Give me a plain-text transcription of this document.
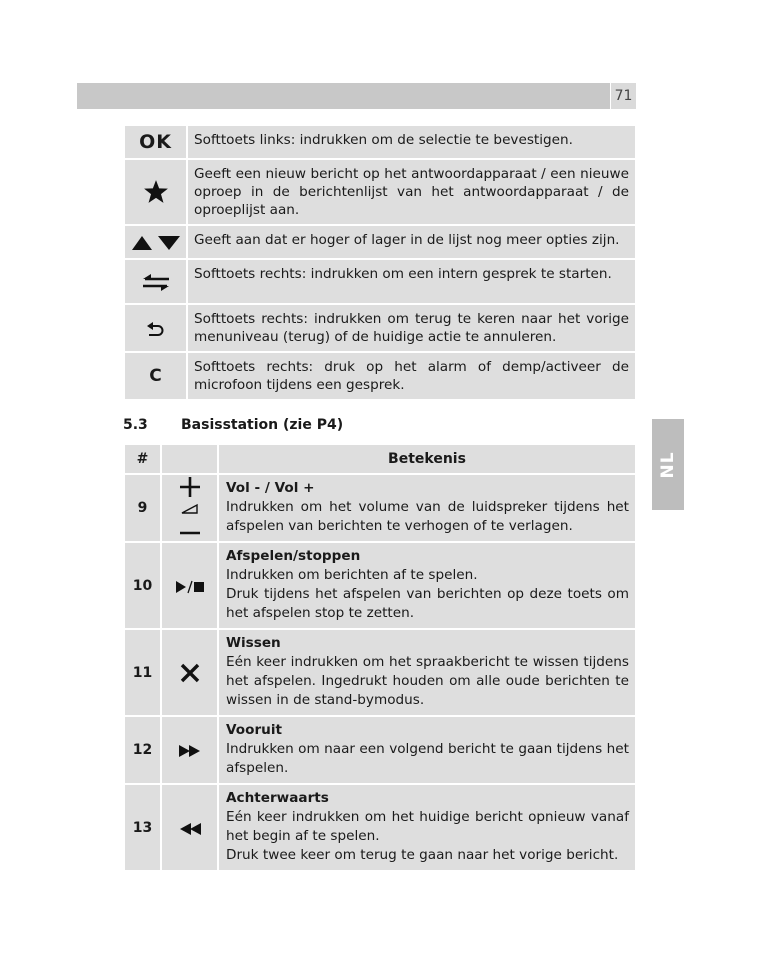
71
NL
OK	Softtoets links: indrukken om de selectie te bevestigen.
	Geeft een nieuw bericht op het antwoordapparaat / een nieuwe oproep in de berichtenlijst van het antwoordapparaat / de oproeplijst aan.
	Geeft aan dat er hoger of lager in de lijst nog meer opties zijn.
	Softtoets rechts: indrukken om een intern gesprek te starten.
	Softtoets rechts: indrukken om terug te keren naar het vorige menuniveau (terug) of de huidige actie te annuleren.
C	Softtoets rechts: druk op het alarm of demp/activeer de microfoon tijdens een gesprek.
5.3 Basisstation (zie P4)
#		Betekenis
9		Vol - / Vol +
Indrukken om het volume van de luidspreker tijdens het afspelen van berichten te verhogen of te verlagen.

10		Afspelen/stoppen
Indrukken om berichten af te spelen.
Druk tijdens het afspelen van berichten op deze toets om het afspelen stop te zetten.

11		Wissen
Eén keer indrukken om het spraakbericht te wissen tijdens het afspelen. Ingedrukt houden om alle oude berichten te wissen in de stand-bymodus.

12		Vooruit
Indrukken om naar een volgend bericht te gaan tijdens het afspelen.

13		Achterwaarts
Eén keer indrukken om het huidige bericht opnieuw vanaf het begin af te spelen.
Druk twee keer om terug te gaan naar het vorige bericht.
